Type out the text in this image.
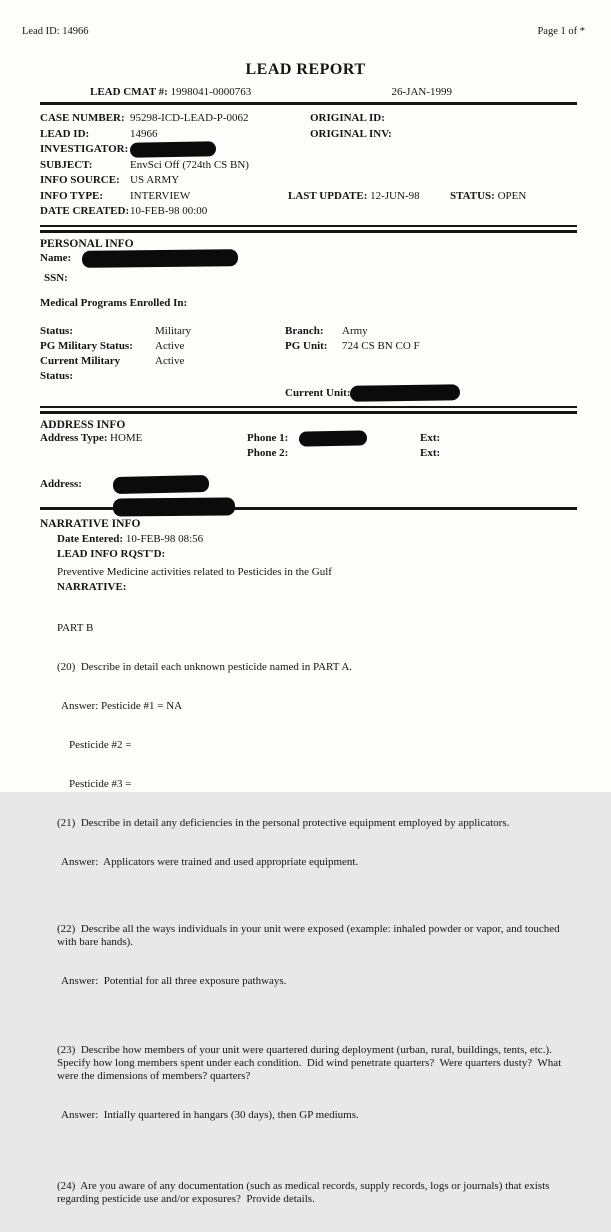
Lead ID: 14966	Page 1 of *
LEAD REPORT
LEAD CMAT #: 1998041-0000763	26-JAN-1999
CASE NUMBER: 95298-ICD-LEAD-P-0062	ORIGINAL ID:
LEAD ID:	14966	ORIGINAL INV:
INVESTIGATOR:
SUBJECT:	EnvSci Off (724th CS BN)
INFO SOURCE: US ARMY
INFO TYPE:	INTERVIEW	LAST UPDATE: 12-JUN-98	STATUS: OPEN
DATE CREATED: 10-FEB-98 00:00
PERSONAL INFO
Name:
SSN:
Medical Programs Enrolled In:
Status:	Military	Branch:	Army
PG Military Status:	Active	PG Unit:	724 CS BN CO F
Current Military Status:
Active
Current Unit:
ADDRESS INFO
Address Type: HOME	Phone 1:	Ext:
Phone 2:	Ext:
Address:
NARRATIVE INFO
Date Entered: 10-FEB-98 08:56
LEAD INFO RQST'D:
Preventive Medicine activities related to Pesticides in the Gulf
NARRATIVE:

PART B

(20)  Describe in detail each unknown pesticide named in PART A.

Answer: Pesticide #1 = NA

Pesticide #2 =

Pesticide #3 =

(21)  Describe in detail any deficiencies in the personal protective equipment employed by applicators.

Answer:  Applicators were trained and used appropriate equipment.

(22)  Describe all the ways individuals in your unit were exposed (example: inhaled powder or vapor, and touched with bare hands).

Answer:  Potential for all three exposure pathways.

(23)  Describe how members of your unit were quartered during deployment (urban, rural, buildings, tents, etc.).  Specify how long members spent under each condition.  Did wind penetrate quarters?  Were quarters dusty?  What were the dimensions of members? quarters?

Answer:  Intially quartered in hangars (30 days), then GP mediums.

(24)  Are you aware of any documentation (such as medical records, supply records, logs or journals) that exists regarding pesticide use and/or exposures?  Provide details.
